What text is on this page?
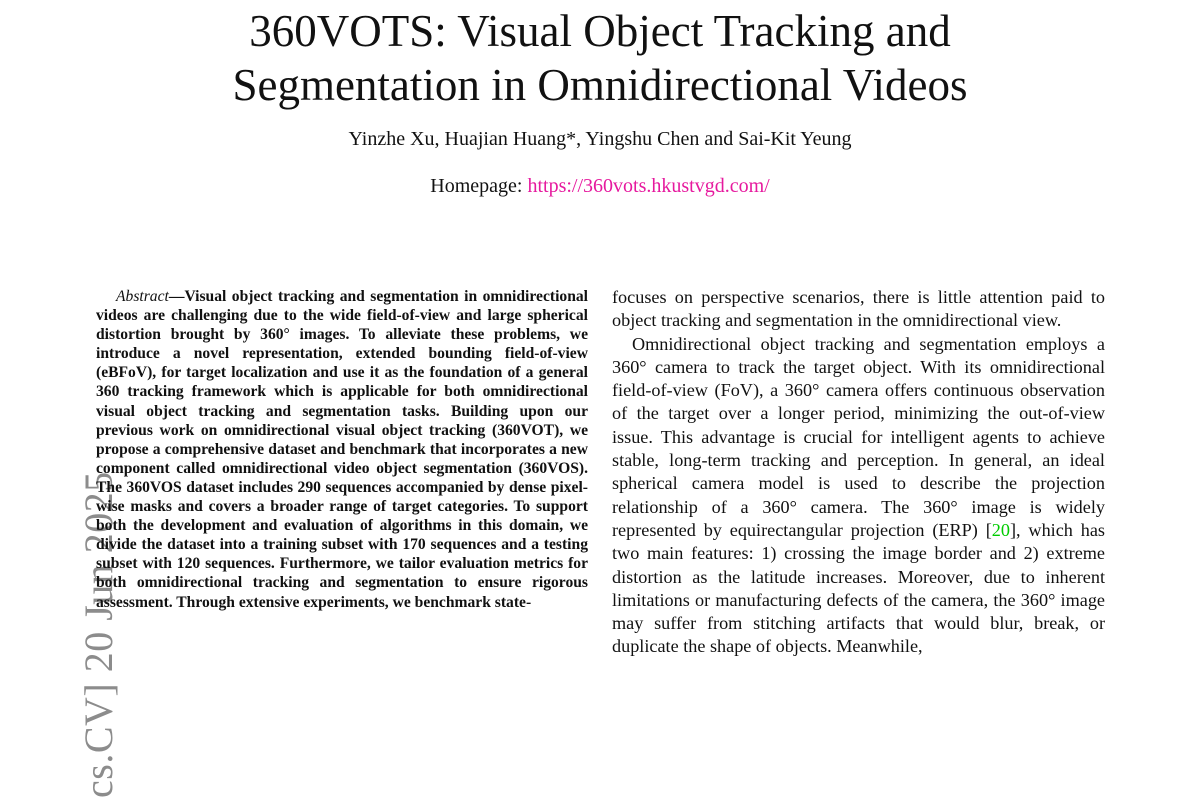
360VOTS: Visual Object Tracking and
Segmentation in Omnidirectional Videos
Yinzhe Xu, Huajian Huang*, Yingshu Chen and Sai-Kit Yeung
Homepage: https://360vots.hkustvgd.com/
cs.CV] 20 Jun 2025

Abstract—Visual object tracking and segmentation in omnidirectional videos are challenging due to the wide field-of-view and large spherical distortion brought by 360° images. To alleviate these problems, we introduce a novel representation, extended bounding field-of-view (eBFoV), for target localization and use it as the foundation of a general 360 tracking framework which is applicable for both omnidirectional visual object tracking and segmentation tasks. Building upon our previous work on omnidirectional visual object tracking (360VOT), we propose a comprehensive dataset and benchmark that incorporates a new component called omnidirectional video object segmentation (360VOS). The 360VOS dataset includes 290 sequences accompanied by dense pixel-wise masks and covers a broader range of target categories. To support both the development and evaluation of algorithms in this domain, we divide the dataset into a training subset with 170 sequences and a testing subset with 120 sequences. Furthermore, we tailor evaluation metrics for both omnidirectional tracking and segmentation to ensure rigorous assessment. Through extensive experiments, we benchmark state-

focuses on perspective scenarios, there is little attention paid to object tracking and segmentation in the omnidirectional view.

Omnidirectional object tracking and segmentation employs a 360° camera to track the target object. With its omnidirectional field-of-view (FoV), a 360° camera offers continuous observation of the target over a longer period, minimizing the out-of-view issue. This advantage is crucial for intelligent agents to achieve stable, long-term tracking and perception. In general, an ideal spherical camera model is used to describe the projection relationship of a 360° camera. The 360° image is widely represented by equirectangular projection (ERP) [20], which has two main features: 1) crossing the image border and 2) extreme distortion as the latitude increases. Moreover, due to inherent limitations or manufacturing defects of the camera, the 360° image may suffer from stitching artifacts that would blur, break, or duplicate the shape of objects. Meanwhile,
